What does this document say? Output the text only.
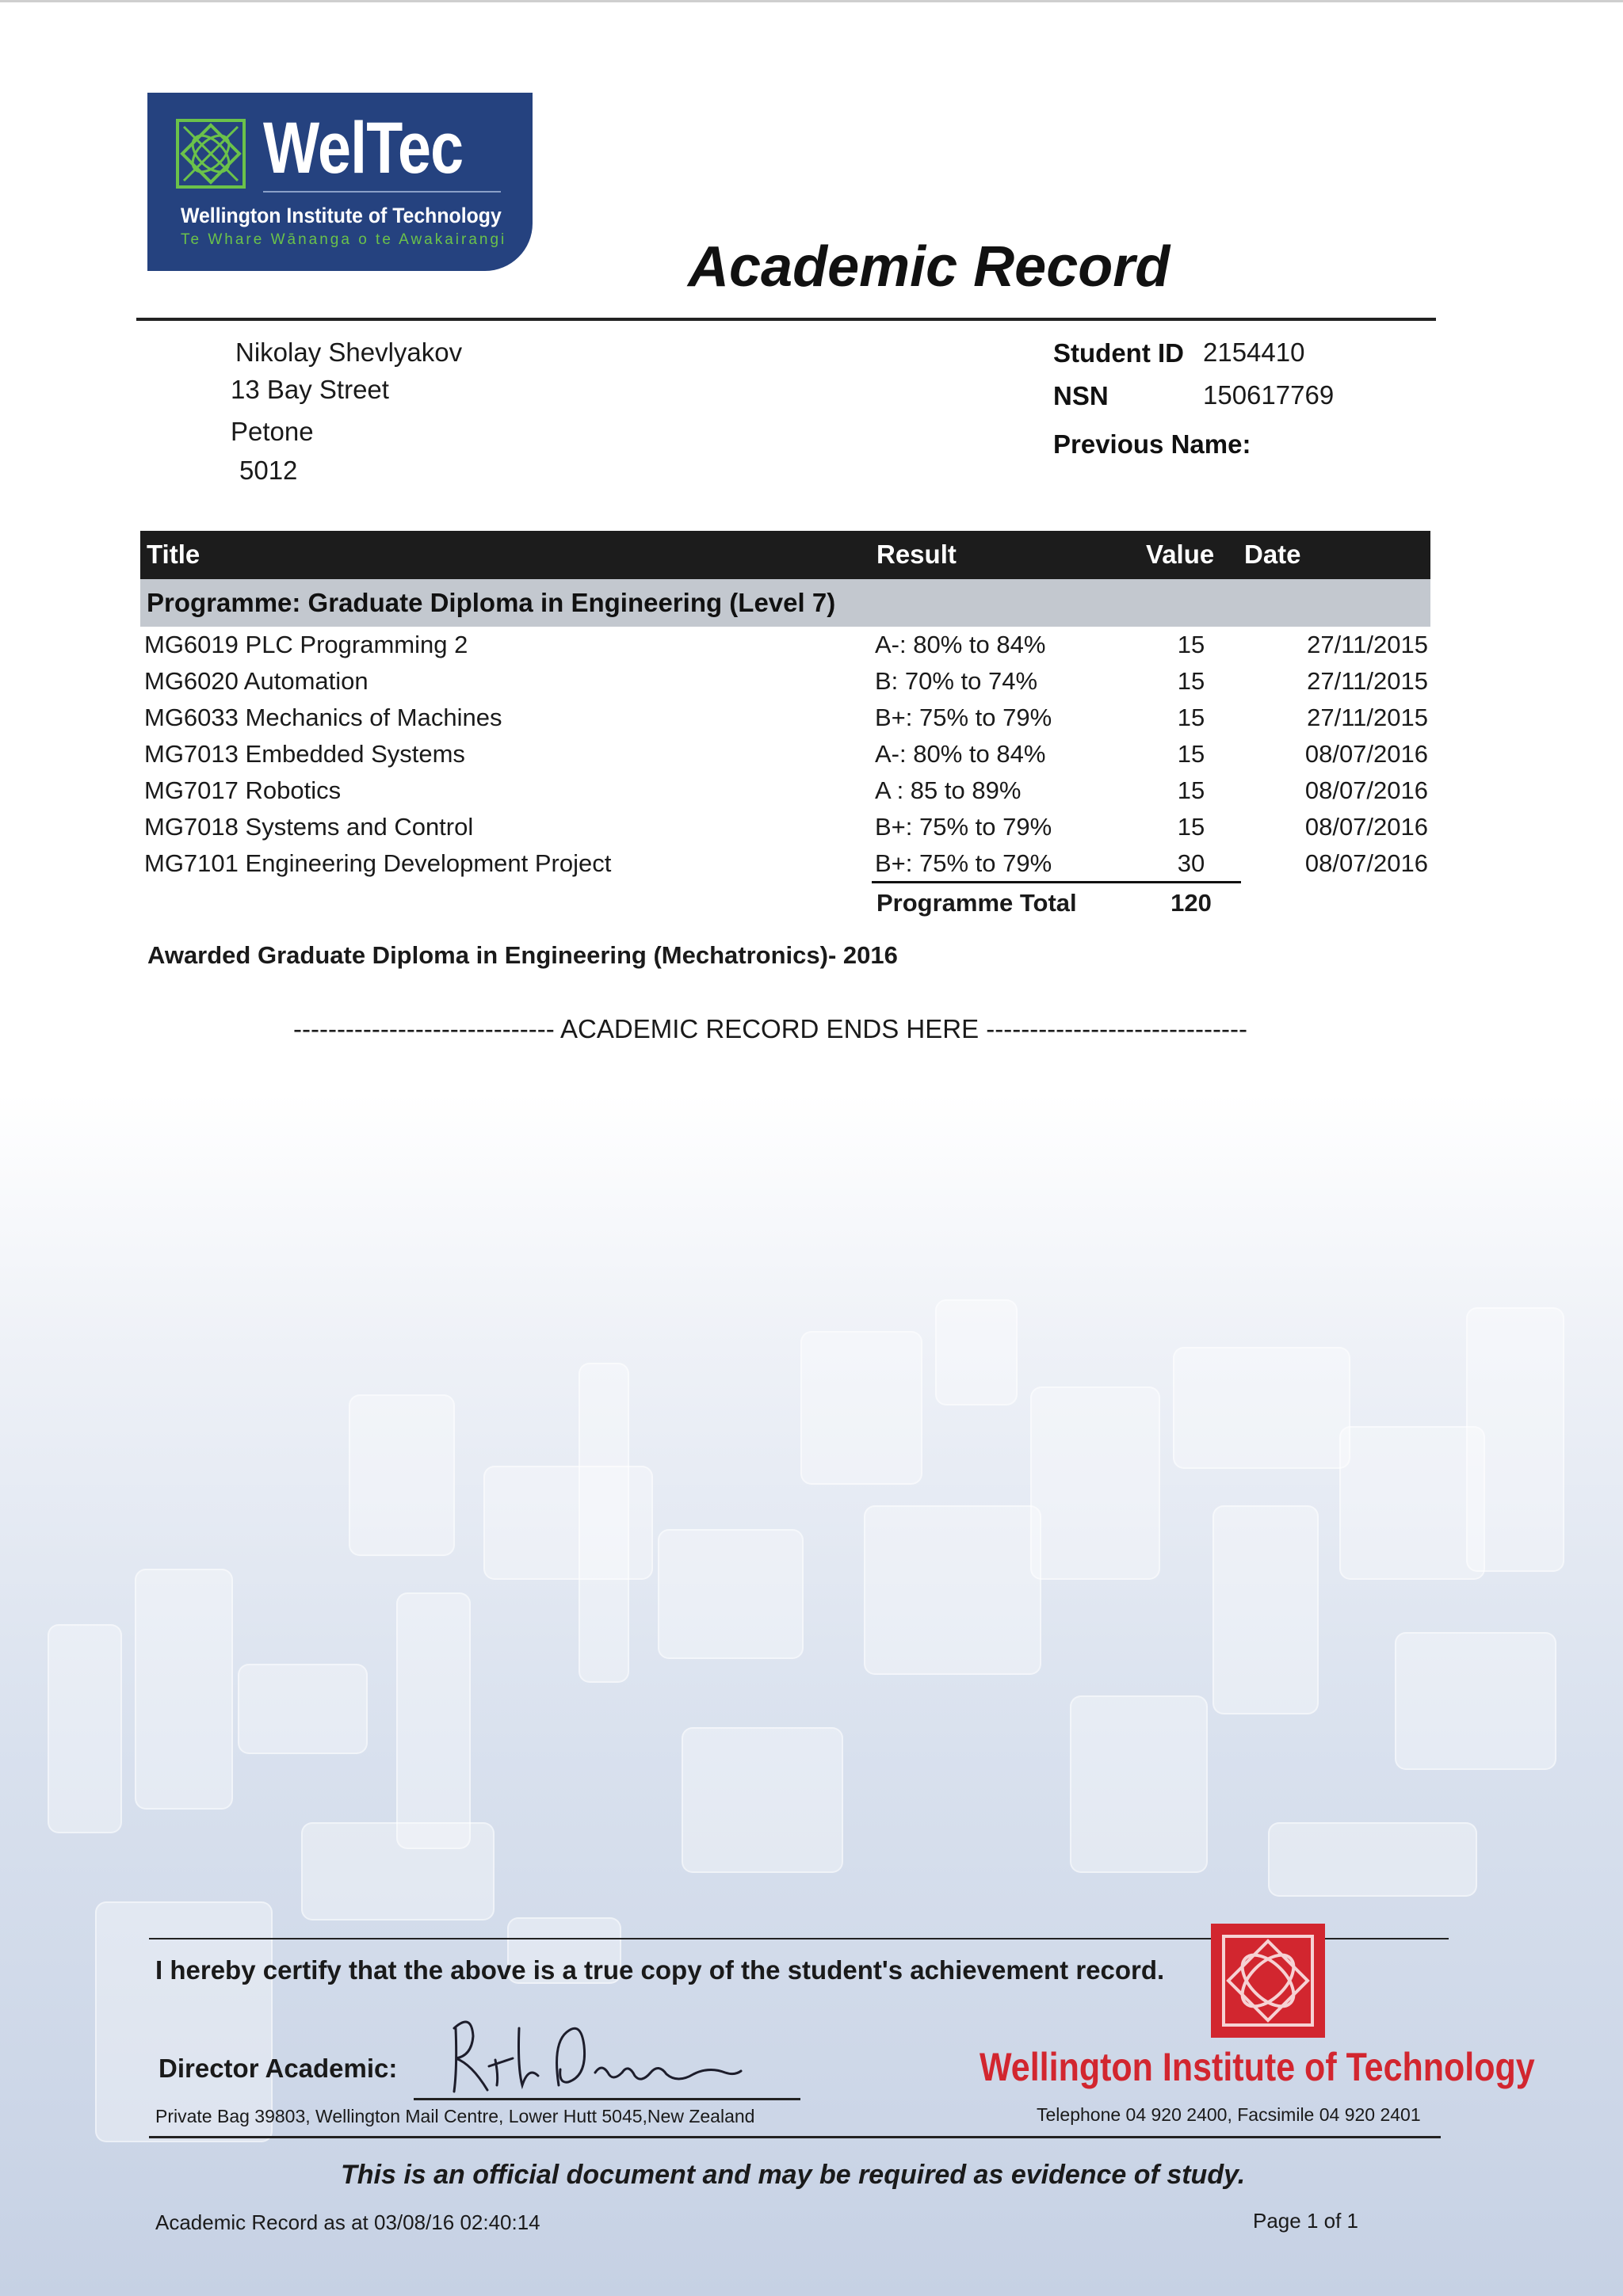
WelTec
Wellington Institute of Technology
Te Whare Wānanga o te Awakairangi	Academic Record
Nikolay Shevlyakov
13 Bay Street
Petone
5012
Student ID 2154410
NSN	150617769
Previous Name:
Title	Result	Value Date
Programme: Graduate Diploma in Engineering (Level 7)
MG6019 PLC Programming 2	A-: 80% to 84%	15	27/11/2015
MG6020 Automation	B: 70% to 74%	15	27/11/2015
MG6033 Mechanics of Machines	B+: 75% to 79%	15	27/11/2015
MG7013 Embedded Systems	A-: 80% to 84%	15	08/07/2016
MG7017 Robotics	A : 85 to 89%	15	08/07/2016
MG7018 Systems and Control	B+: 75% to 79%	15	08/07/2016
MG7101 Engineering Development Project	B+: 75% to 79%	30	08/07/2016
Programme Total	120
Awarded Graduate Diploma in Engineering (Mechatronics)- 2016
------------------------------ ACADEMIC RECORD ENDS HERE ------------------------------
I hereby certify that the above is a true copy of the student's achievement record.
Director Academic:
Private Bag 39803, Wellington Mail Centre, Lower Hutt 5045,New Zealand
Wellington Institute of Technology
Telephone 04 920 2400, Facsimile 04 920 2401
This is an official document and may be required as evidence of study.
Academic Record as at 03/08/16 02:40:14	Page 1 of 1
